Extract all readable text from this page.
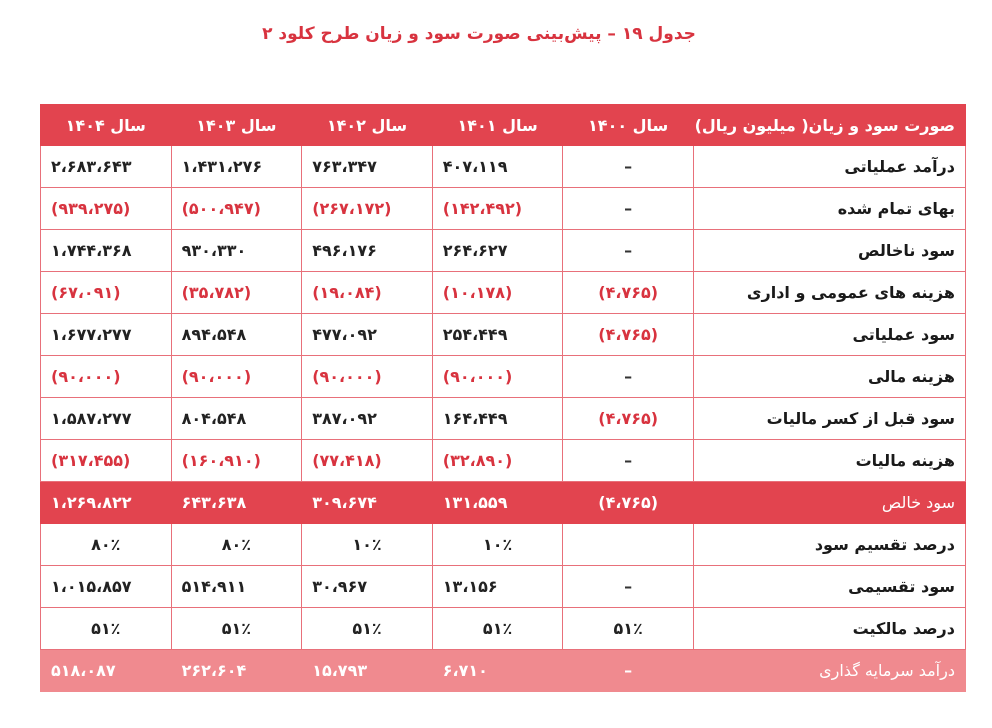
جدول ۱۹ – پیش‌بینی صورت سود و زیان طرح کلود ۲
صورت سود و زیان( میلیون ریال)	سال ۱۴۰۰	سال ۱۴۰۱	سال ۱۴۰۲	سال ۱۴۰۳	سال ۱۴۰۴
درآمد عملیاتی	–	۴۰۷،۱۱۹	۷۶۳،۳۴۷	۱،۴۳۱،۲۷۶	۲،۶۸۳،۶۴۳
بهای تمام شده	–	(۱۴۲،۴۹۲)	(۲۶۷،۱۷۲)	(۵۰۰،۹۴۷)	(۹۳۹،۲۷۵)
سود ناخالص	–	۲۶۴،۶۲۷	۴۹۶،۱۷۶	۹۳۰،۳۳۰	۱،۷۴۴،۳۶۸
هزینه های عمومی و اداری	(۴،۷۶۵)	(۱۰،۱۷۸)	(۱۹،۰۸۴)	(۳۵،۷۸۲)	(۶۷،۰۹۱)
سود عملیاتی	(۴،۷۶۵)	۲۵۴،۴۴۹	۴۷۷،۰۹۲	۸۹۴،۵۴۸	۱،۶۷۷،۲۷۷
هزینه مالی	–	(۹۰،۰۰۰)	(۹۰،۰۰۰)	(۹۰،۰۰۰)	(۹۰،۰۰۰)
سود قبل از کسر مالیات	(۴،۷۶۵)	۱۶۴،۴۴۹	۳۸۷،۰۹۲	۸۰۴،۵۴۸	۱،۵۸۷،۲۷۷
هزینه مالیات	–	(۳۲،۸۹۰)	(۷۷،۴۱۸)	(۱۶۰،۹۱۰)	(۳۱۷،۴۵۵)
سود خالص	(۴،۷۶۵)	۱۳۱،۵۵۹	۳۰۹،۶۷۴	۶۴۳،۶۳۸	۱،۲۶۹،۸۲۲
درصد تقسیم سود		۱۰٪	۱۰٪	۸۰٪	۸۰٪
سود تقسیمی	–	۱۳،۱۵۶	۳۰،۹۶۷	۵۱۴،۹۱۱	۱،۰۱۵،۸۵۷
درصد مالکیت	۵۱٪	۵۱٪	۵۱٪	۵۱٪	۵۱٪
درآمد سرمایه گذاری	–	۶،۷۱۰	۱۵،۷۹۳	۲۶۲،۶۰۴	۵۱۸،۰۸۷
